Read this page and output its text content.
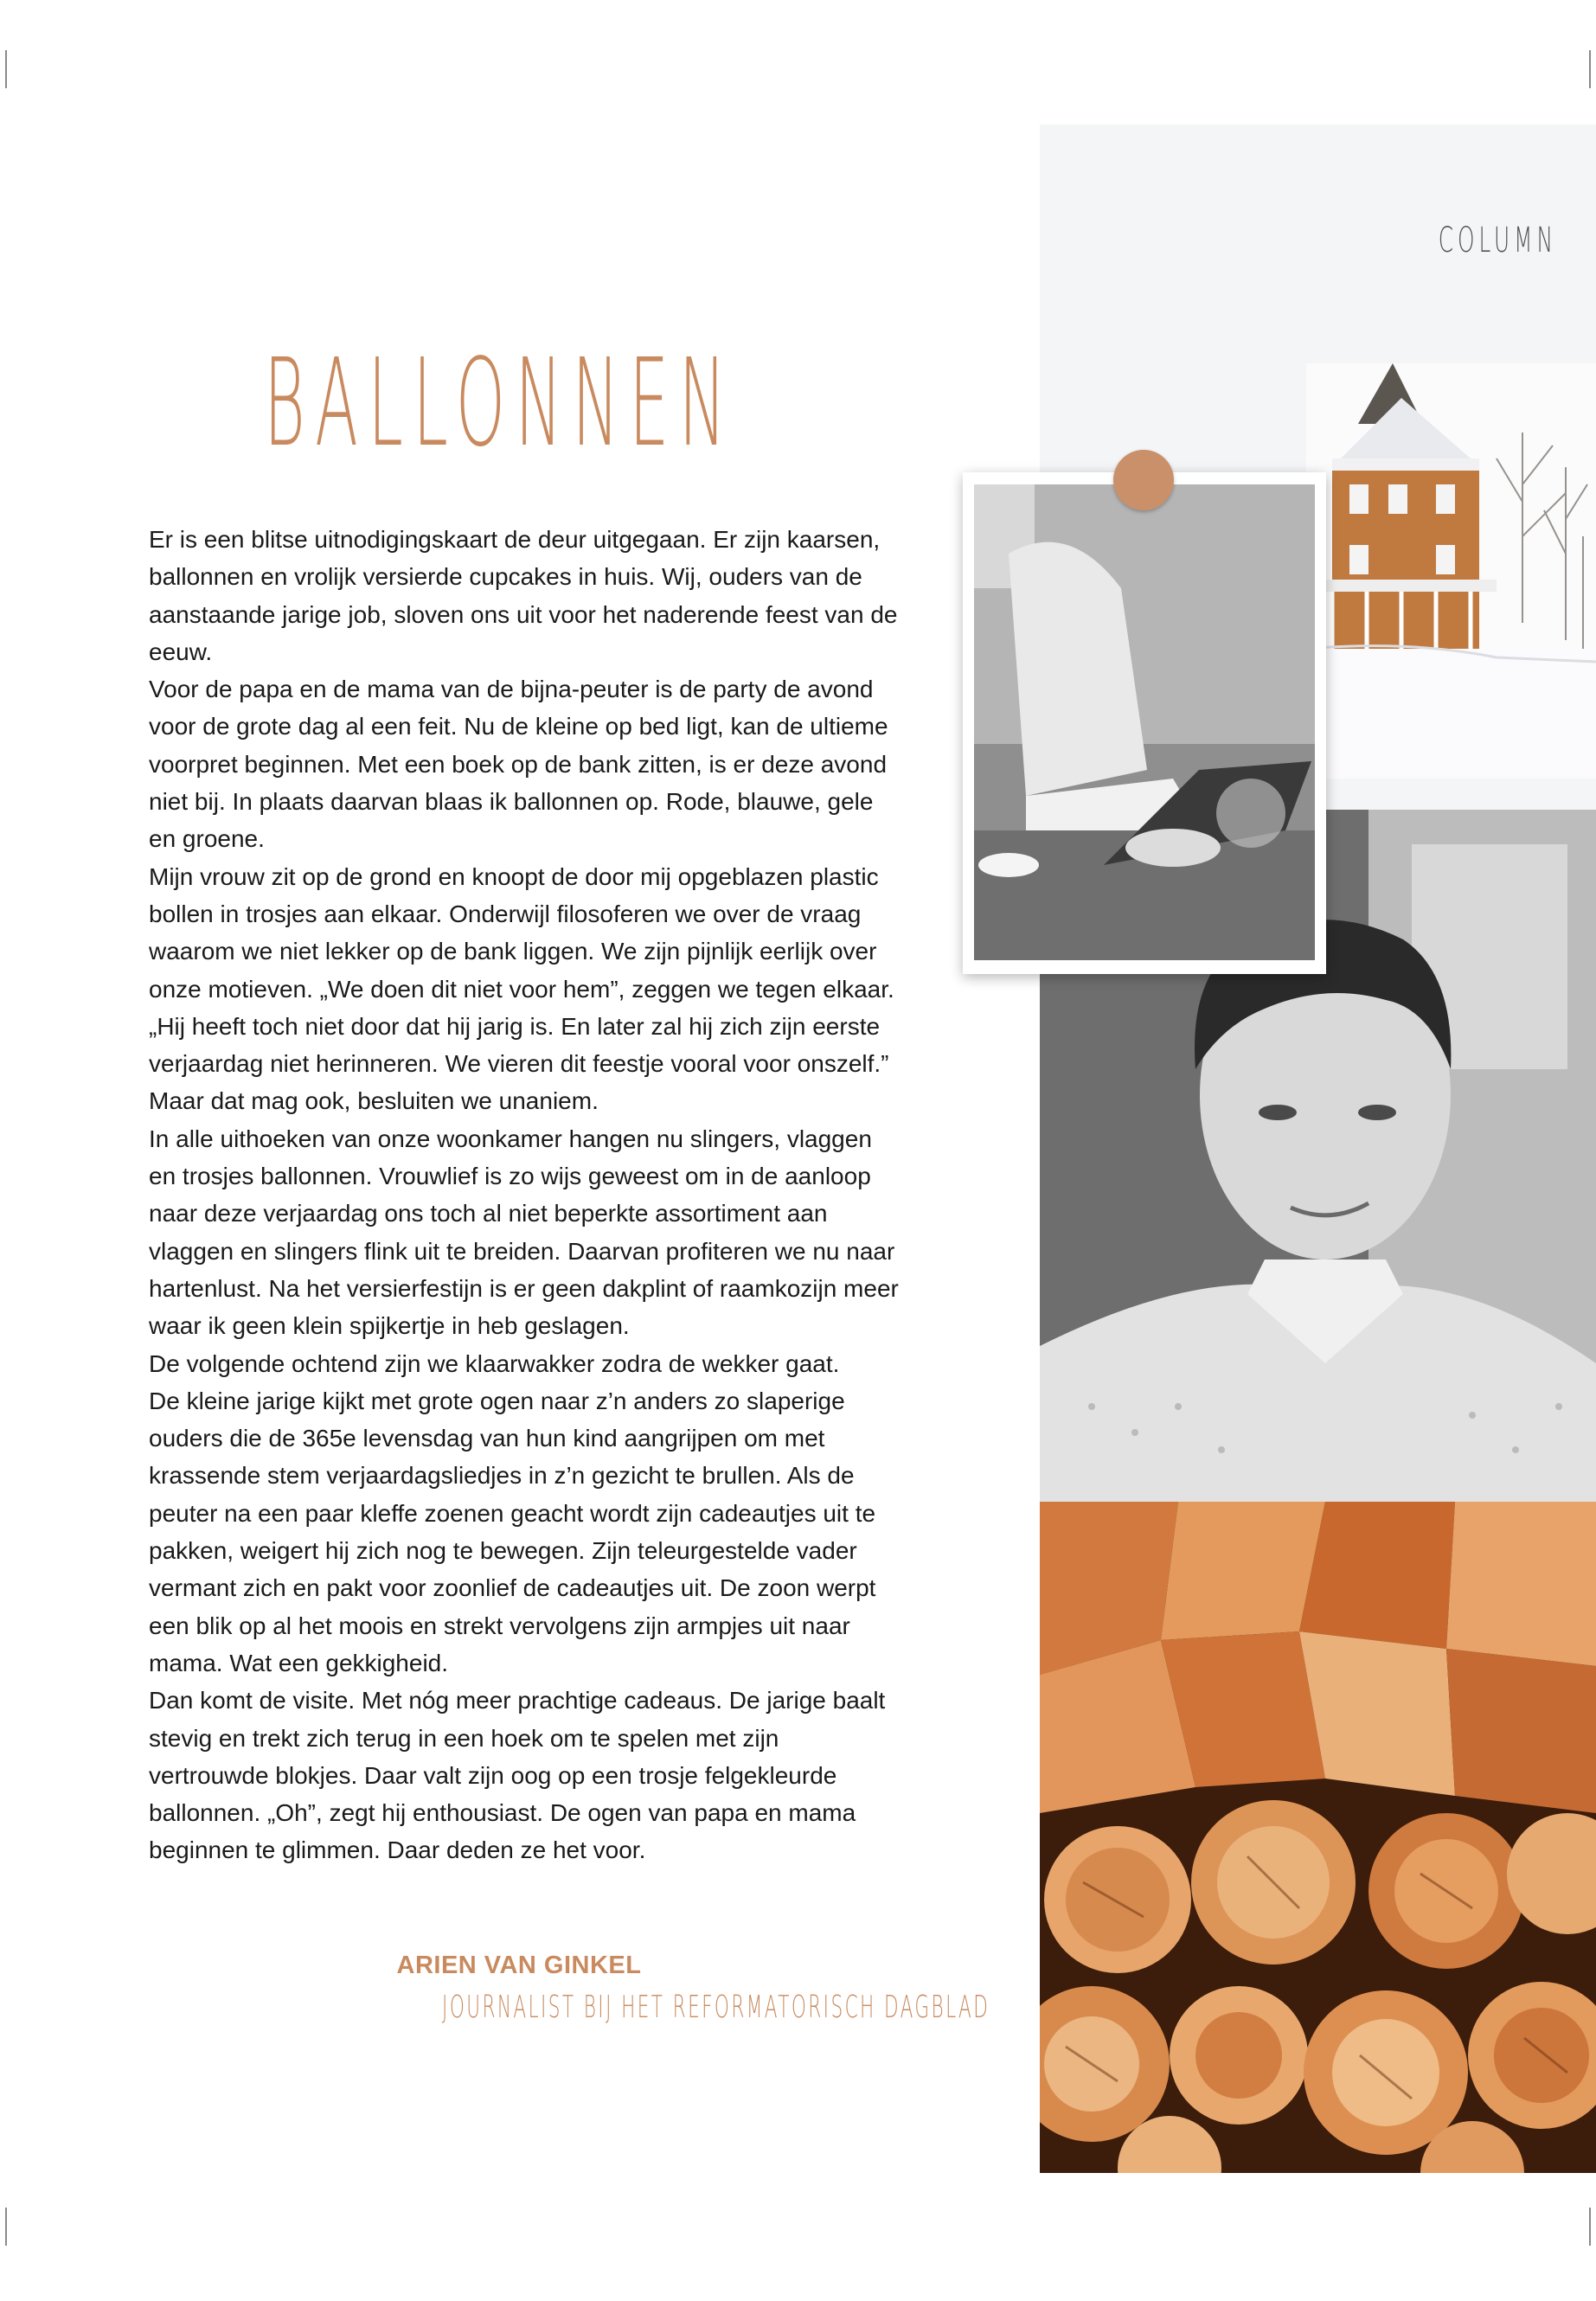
COLUMN
BALLONNEN

Er is een blitse uitnodigingskaart de deur uitgegaan. Er zijn kaarsen, ballonnen en vrolijk versierde cupcakes in huis. Wij, ouders van de aanstaande jarige job, sloven ons uit voor het naderende feest van de eeuw.

Voor de papa en de mama van de bijna-peuter is de party de avond voor de grote dag al een feit. Nu de kleine op bed ligt, kan de ultieme voorpret beginnen. Met een boek op de bank zitten, is er deze avond niet bij. In plaats daarvan blaas ik ballonnen op. Rode, blauwe, gele en groene.

Mijn vrouw zit op de grond en knoopt de door mij opgeblazen plastic bollen in trosjes aan elkaar. Onderwijl filosoferen we over de vraag waarom we niet lekker op de bank liggen. We zijn pijnlijk eerlijk over onze motieven. „We doen dit niet voor hem”, zeggen we tegen elkaar. „Hij heeft toch niet door dat hij jarig is. En later zal hij zich zijn eerste verjaardag niet herinneren. We vieren dit feestje vooral voor onszelf.” Maar dat mag ook, besluiten we unaniem.

In alle uithoeken van onze woonkamer hangen nu slingers, vlaggen en trosjes ballonnen. Vrouwlief is zo wijs geweest om in de aanloop naar deze verjaardag ons toch al niet beperkte assortiment aan vlaggen en slingers flink uit te breiden. Daarvan profiteren we nu naar hartenlust. Na het versierfestijn is er geen dakplint of raamkozijn meer waar ik geen klein spijkertje in heb geslagen.

De volgende ochtend zijn we klaarwakker zodra de wekker gaat.

De kleine jarige kijkt met grote ogen naar z’n anders zo slaperige ouders die de 365e levensdag van hun kind aangrijpen om met krassende stem verjaardagsliedjes in z’n gezicht te brullen. Als de peuter na een paar kleffe zoenen geacht wordt zijn cadeautjes uit te pakken, weigert hij zich nog te bewegen. Zijn teleurgestelde vader vermant zich en pakt voor zoonlief de cadeautjes uit. De zoon werpt een blik op al het moois en strekt vervolgens zijn armpjes uit naar mama. Wat een gekkigheid.

Dan komt de visite. Met nóg meer prachtige cadeaus. De jarige baalt stevig en trekt zich terug in een hoek om te spelen met zijn vertrouwde blokjes. Daar valt zijn oog op een trosje felgekleurde ballonnen. „Oh”, zegt hij enthousiast. De ogen van papa en mama beginnen te glimmen. Daar deden ze het voor.

ARIEN VAN GINKEL
JOURNALIST BIJ HET REFORMATORISCH DAGBLAD
